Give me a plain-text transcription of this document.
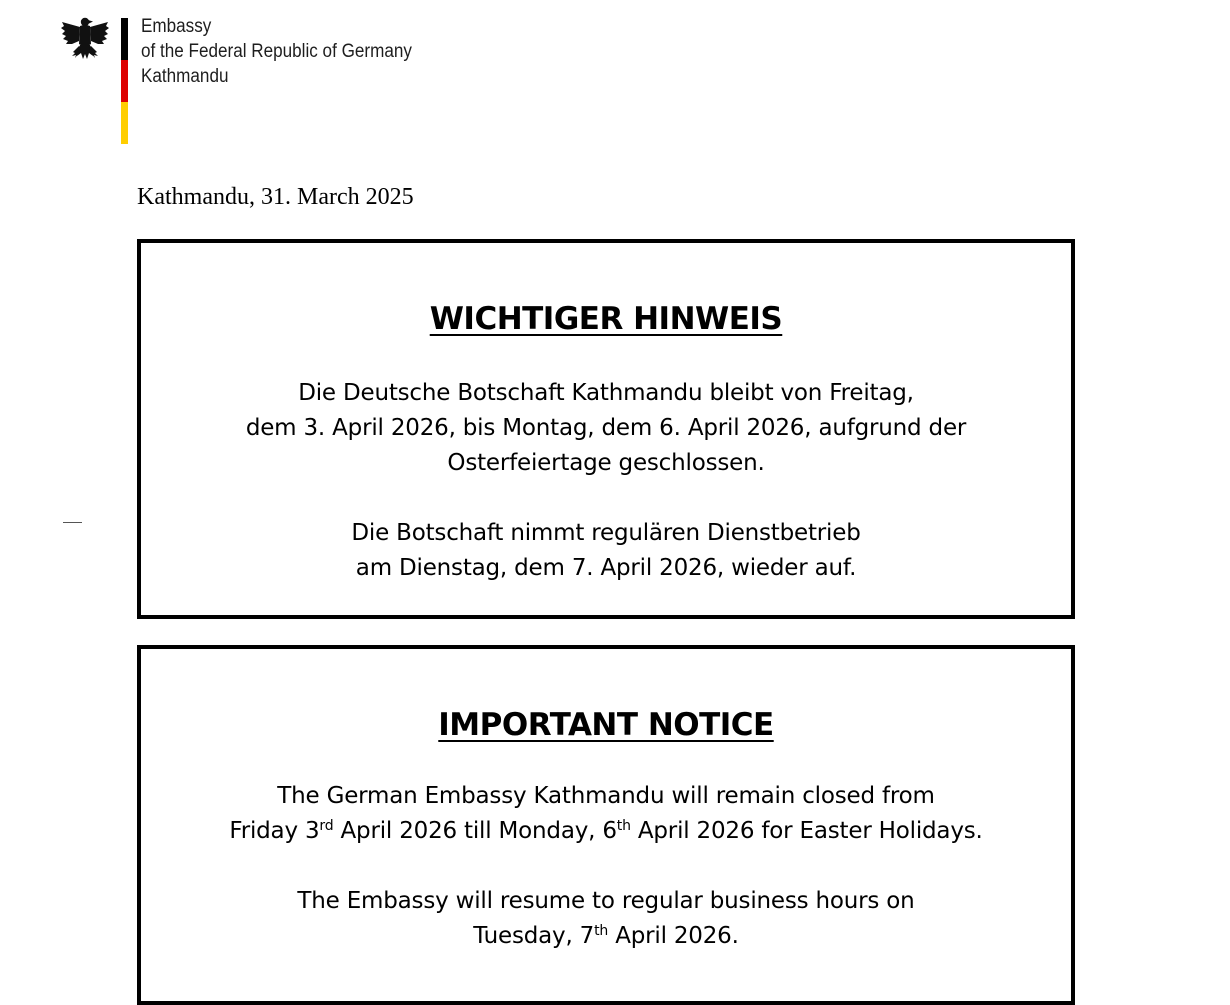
Embassy
of the Federal Republic of Germany
Kathmandu
Kathmandu, 31. March 2025
WICHTIGER HINWEIS
Die Deutsche Botschaft Kathmandu bleibt von Freitag,
dem 3. April 2026, bis Montag, dem 6. April 2026, aufgrund der
Osterfeiertage geschlossen.
Die Botschaft nimmt regulären Dienstbetrieb
am Dienstag, dem 7. April 2026, wieder auf.
IMPORTANT NOTICE
The German Embassy Kathmandu will remain closed from
Friday 3rd April 2026 till Monday, 6th April 2026 for Easter Holidays.
The Embassy will resume to regular business hours on
Tuesday, 7th April 2026.
